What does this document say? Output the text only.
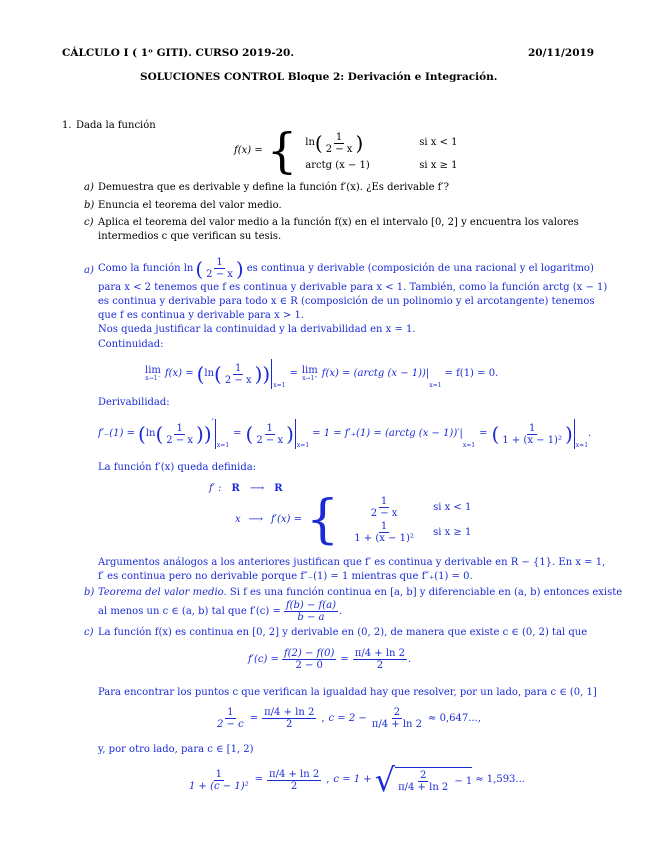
CÁLCULO I ( 1ᵒ GITI). CURSO 2019-20.	20/11/2019
SOLUCIONES CONTROL Bloque 2: Derivación e Integración.
1. Dada la función
f(x) = { ln ( $\frac{1}{2 - x}$ )	si x < 1
arctg (x − 1)	si x ≥ 1
a) Demuestra que es derivable y define la función f′(x). ¿Es derivable f′?
b) Enuncia el teorema del valor medio.
c) Aplica el teorema del valor medio a la función f(x) en el intervalo [0, 2] y encuentra los valores
intermedios c que verifican su tesis.
a) Como la función ln ( $\frac{1}{2 - x}$ ) es continua y derivable (composición de una racional y el logaritmo)
para x < 2 tenemos que f es continua y derivable para x < 1. También, como la función arctg (x − 1)
es continua y derivable para todo x ∈ R (composición de un polinomio y el arcotangente) tenemos
que f es continua y derivable para x > 1.
Nos queda justificar la continuidad y la derivabilidad en x = 1.
Continuidad:
lim
x→1⁻ f(x) = ( ln ( $\frac{1}{2 - x}$ ) ) x=1
= lim
x→1⁺ f(x) = (arctg (x − 1))|
x=1
= f(1) = 0.
Derivabilidad:
f′₋(1) = ( ln ( $\frac{1}{2 - x}$ ) ) ′
x=1
= ( $\frac{1}{2 - x}$ ) x=1
= 1 = f′₊(1) = (arctg (x − 1))′|
x=1
= ( $\frac{1}{\text{1 + (x − 1)²}}$ ) x=1
.
La función f′(x) queda definida:
f′ : R ⟶ R
x ⟶ f′(x) = {	$\frac{1}{2 - x}$	si x < 1
$\frac{1}{\text{1 + (x − 1)²}}$ si x ≥ 1
Argumentos análogos a los anteriores justifican que f′ es continua y derivable en R − {1}. En x = 1,
f′ es continua pero no derivable porque f″₋(1) = 1 mientras que f″₊(1) = 0.
b) Teorema del valor medio. Si f es una función continua en [a, b] y diferenciable en (a, b) entonces existe
al menos un c ∈ (a, b) tal que $f'(c) = \frac{f(b) - f(a)}{b - a}$ .
c) La función f(x) es continua en [0, 2] y derivable en (0, 2), de manera que existe c ∈ (0, 2) tal que
$f'(c) = \frac{f(2) - f(0)}{2 - 0} = \frac{\pi/4 + \ln 2}{2}$ .
Para encontrar los puntos c que verifican la igualdad hay que resolver, por un lado, para c ∈ (0, 1]
$\frac{1}{2 - c} = \frac{\pi/4 + \ln 2}{2}$ , $c = 2 - \frac{2}{\pi/4 + \ln 2} \approx 0,647$...,
y, por otro lado, para c ∈ [1, 2)
$\frac{1}{\text{1 + (c − 1)²}} = \frac{\pi/4 + \ln 2}{2}$ , c = 1 + √ $\frac{2}{\pi/4 + \ln 2} - 1 \approx 1,593$...
